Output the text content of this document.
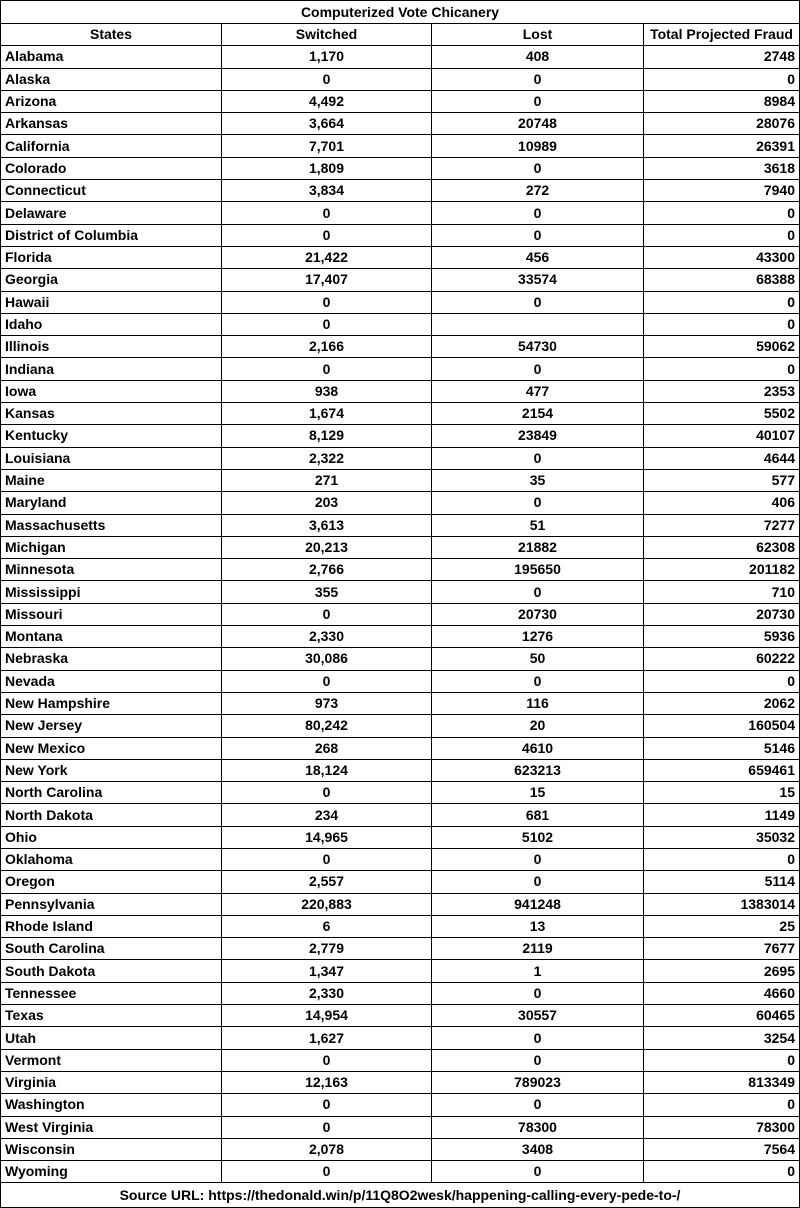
Computerized Vote Chicanery			
States	Switched	Lost	Total Projected Fraud
Alabama	1,170	408	2748
Alaska	0	0	0
Arizona	4,492	0	8984
Arkansas	3,664	20748	28076
California	7,701	10989	26391
Colorado	1,809	0	3618
Connecticut	3,834	272	7940
Delaware	0	0	0
District of Columbia	0	0	0
Florida	21,422	456	43300
Georgia	17,407	33574	68388
Hawaii	0	0	0
Idaho	0		0
Illinois	2,166	54730	59062
Indiana	0	0	0
Iowa	938	477	2353
Kansas	1,674	2154	5502
Kentucky	8,129	23849	40107
Louisiana	2,322	0	4644
Maine	271	35	577
Maryland	203	0	406
Massachusetts	3,613	51	7277
Michigan	20,213	21882	62308
Minnesota	2,766	195650	201182
Mississippi	355	0	710
Missouri	0	20730	20730
Montana	2,330	1276	5936
Nebraska	30,086	50	60222
Nevada	0	0	0
New Hampshire	973	116	2062
New Jersey	80,242	20	160504
New Mexico	268	4610	5146
New York	18,124	623213	659461
North Carolina	0	15	15
North Dakota	234	681	1149
Ohio	14,965	5102	35032
Oklahoma	0	0	0
Oregon	2,557	0	5114
Pennsylvania	220,883	941248	1383014
Rhode Island	6	13	25
South Carolina	2,779	2119	7677
South Dakota	1,347	1	2695
Tennessee	2,330	0	4660
Texas	14,954	30557	60465
Utah	1,627	0	3254
Vermont	0	0	0
Virginia	12,163	789023	813349
Washington	0	0	0
West Virginia	0	78300	78300
Wisconsin	2,078	3408	7564
Wyoming	0	0	0
Source URL: https://thedonald.win/p/11Q8O2wesk/happening-calling-every-pede-to-/			
